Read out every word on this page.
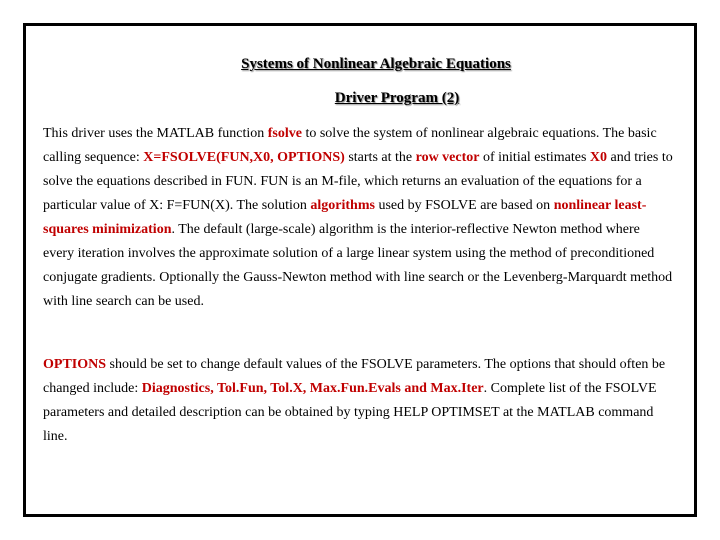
Systems of Nonlinear Algebraic Equations
Driver Program (2)
This driver uses the MATLAB function fsolve to solve the system of nonlinear algebraic equations. The basic calling sequence: X=FSOLVE(FUN,X0, OPTIONS) starts at the row vector of initial estimates X0 and tries to solve the equations described in FUN. FUN is an M-file, which returns an evaluation of the equations for a particular value of X: F=FUN(X). The solution algorithms used by FSOLVE are based on nonlinear least- squares minimization. The default (large-scale) algorithm is the interior-reflective Newton method where every iteration involves the approximate solution of a large linear system using the method of preconditioned conjugate gradients. Optionally the Gauss-Newton method with line search or the Levenberg-Marquardt method with line search can be used.
OPTIONS should be set to change default values of the FSOLVE parameters. The options that should often be changed include: Diagnostics, Tol.Fun, Tol.X, Max.Fun.Evals and Max.Iter. Complete list of the FSOLVE parameters and detailed description can be obtained by typing HELP OPTIMSET at the MATLAB command line.
